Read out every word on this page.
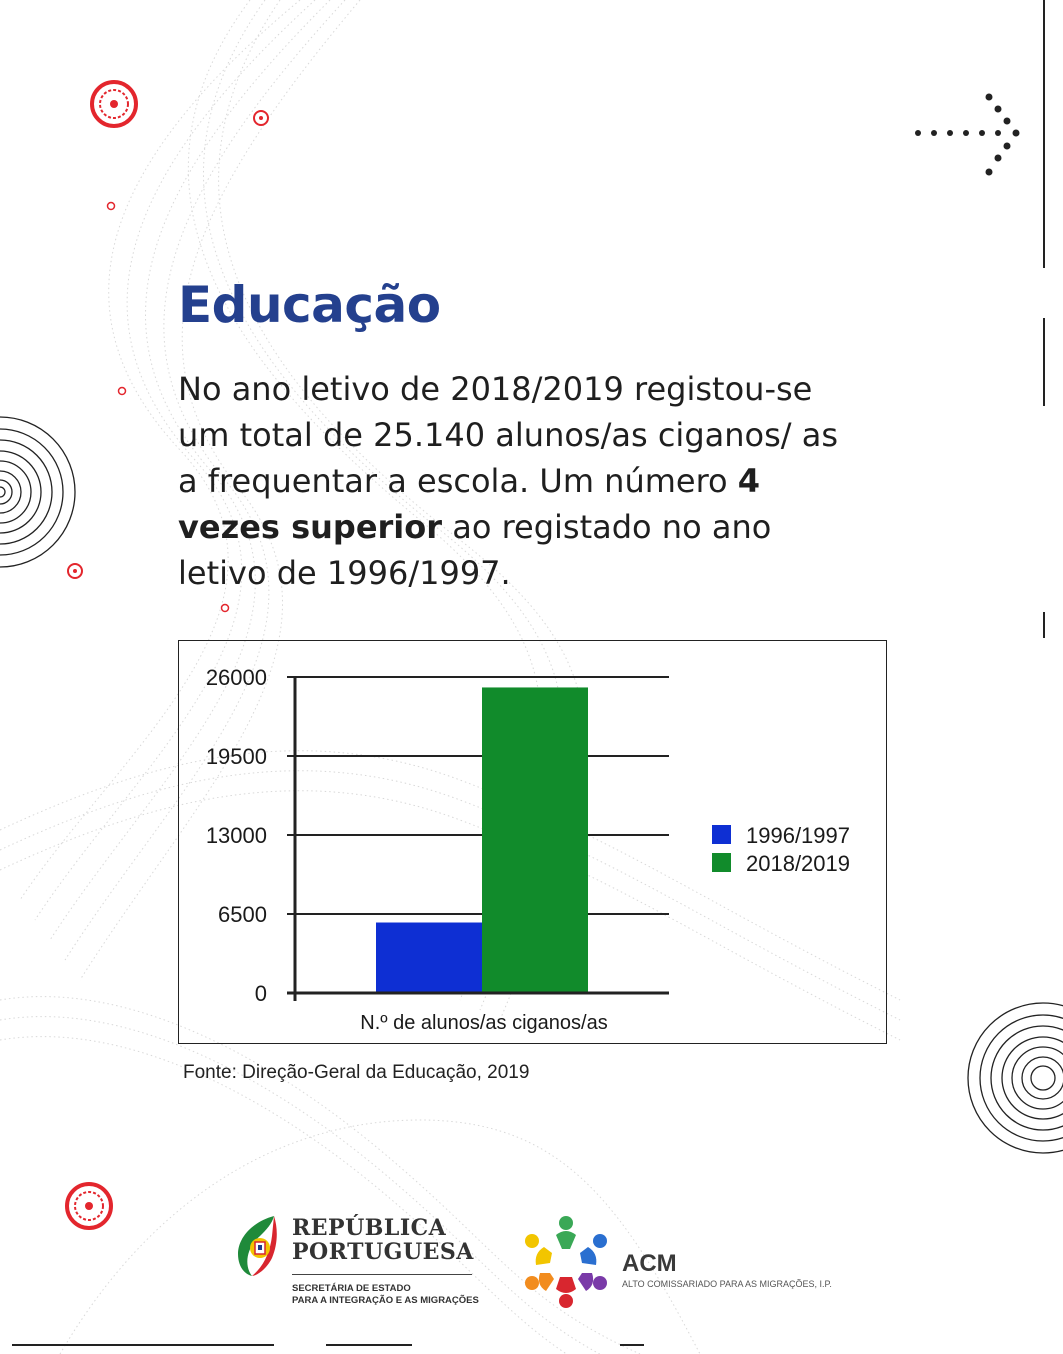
Educação

No ano letivo de 2018/2019 registou-se um total de 25.140 alunos/as ciganos/ as a frequentar a escola. Um número 4 vezes superior ao registado no ano letivo de 1996/1997.

0
6500
13000
19500
26000
N.º de alunos/as ciganos/as
1996/1997
2018/2019
Fonte: Direção-Geral da Educação, 2019
REPÚBLICA
PORTUGUESA
SECRETÁRIA DE ESTADO
PARA A INTEGRAÇÃO E AS MIGRAÇÕES
ACM
ALTO COMISSARIADO PARA AS MIGRAÇÕES, I.P.
